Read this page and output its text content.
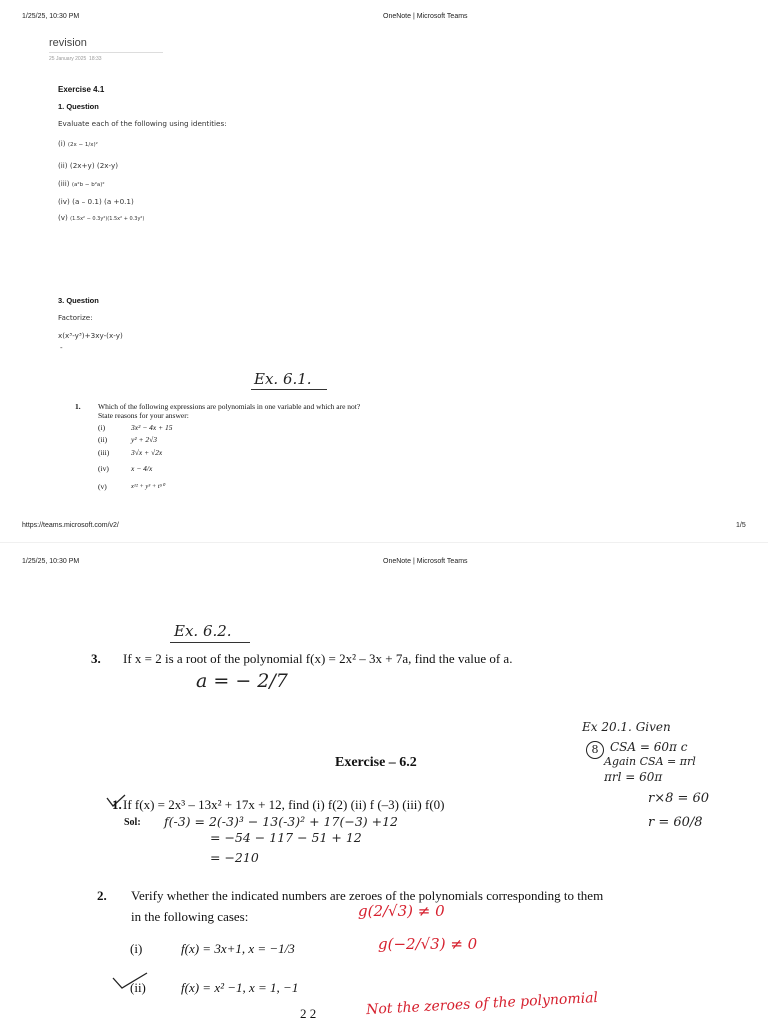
1/25/25, 10:30 PM	OneNote | Microsoft Teams
revision
25 January 2025 18:33
Exercise 4.1
1. Question
Evaluate each of the following using identities:
(i) (2x − 1/x)²
(ii) (2x+y) (2x-y)
(iii) (a²b − b²a)²
(iv) (a – 0.1) (a +0.1)
(v) (1.5x² − 0.3y²)(1.5x² + 0.3y²)
3. Question
Factorize:
x(x³-y³)+3xy-(x-y)
-
Ex. 6.1.
1. Which of the following expressions are polynomials in one variable and which are not?
State reasons for your answer:
(i)	3x² − 4x + 15
(ii)	y² + 2√3
(iii)	3√x + √2x
(iv)	x − 4/x
(v)	x¹² + y³ + t⁵⁰
https://teams.microsoft.com/v2/	1/5
1/25/25, 10:30 PM	OneNote | Microsoft Teams
Ex. 6.2.
3. If x = 2 is a root of the polynomial f(x) = 2x² – 3x + 7a, find the value of a.
a = − 2/7
Ex 20.1. Given
8 CSA = 60π c
Again CSA = πrl
πrl = 60π
r×8 = 60
r = 60/8
Exercise – 6.2
1. If f(x) = 2x³ – 13x² + 17x + 12, find (i) f(2) (ii) f (–3) (iii) f(0)
Sol: f(-3) = 2(-3)³ − 13(-3)² + 17(−3) +12
= −54 − 117 − 51 + 12
= −210
2. Verify whether the indicated numbers are zeroes of the polynomials corresponding to them
in the following cases:	g(2/√3) ≠ 0
g(−2/√3) ≠ 0
(i)	f(x) = 3x+1, x = −1/3
(ii)	f(x) = x² −1, x = 1, −1
2 2	Not the zeroes of the polynomial
